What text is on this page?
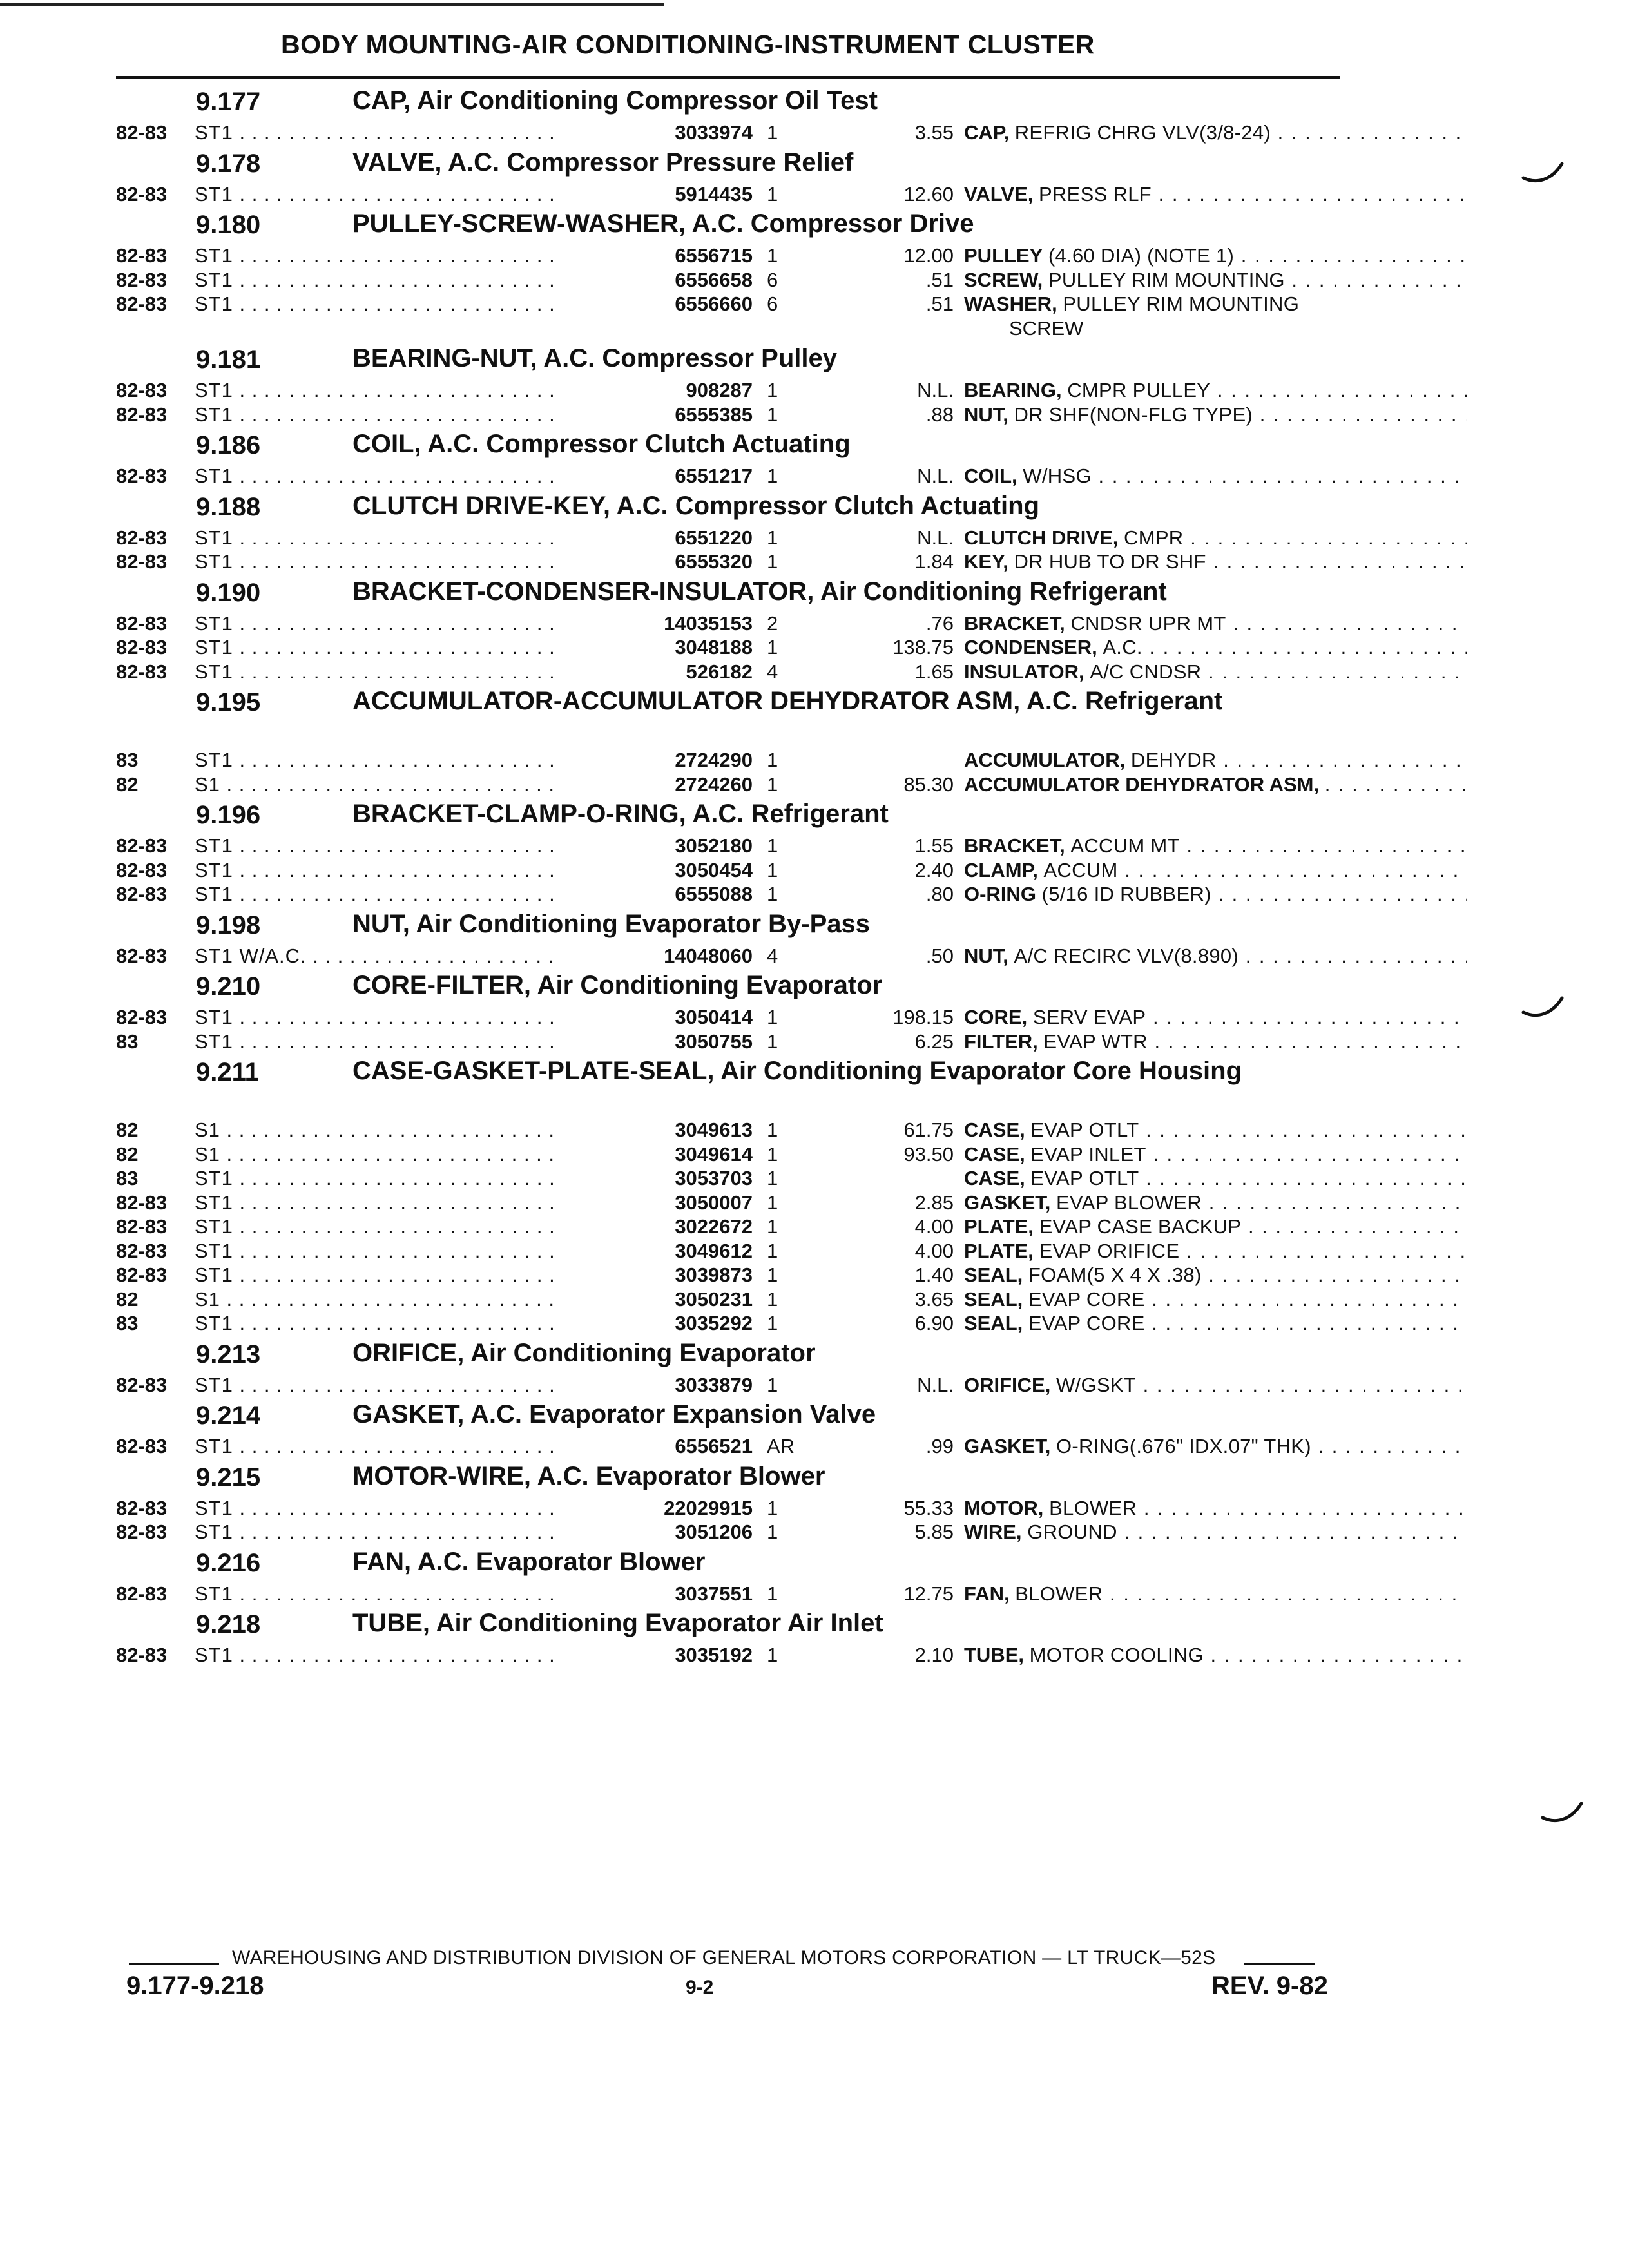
BODY MOUNTING-AIR CONDITIONING-INSTRUMENT CLUSTER
9.177	CAP, Air Conditioning Compressor Oil Test
82-83 ST1 . . .	3033974 1	3.55 CAP, REFRIG CHRG VLV(3/8-24) . . .
9.178	VALVE, A.C. Compressor Pressure Relief
82-83 ST1 . . .	5914435 1	12.60 VALVE, PRESS RLF . . .
9.180	PULLEY-SCREW-WASHER, A.C. Compressor Drive
82-83 ST1 . . .	6556715 1	12.00 PULLEY (4.60 DIA) (NOTE 1) . . .
82-83 ST1 . . .	6556658 6	.51 SCREW, PULLEY RIM MOUNTING . . .
82-83 ST1 . . .	6556660 6	.51 WASHER, PULLEY RIM MOUNTING
SCREW
9.181	BEARING-NUT, A.C. Compressor Pulley
82-83 ST1 . . .	908287 1	N.L. BEARING, CMPR PULLEY . . .
82-83 ST1 . . .	6555385 1	.88 NUT, DR SHF(NON-FLG TYPE) . . .
9.186	COIL, A.C. Compressor Clutch Actuating
82-83 ST1 . . .	6551217 1	N.L. COIL, W/HSG . . .
9.188	CLUTCH DRIVE-KEY, A.C. Compressor Clutch Actuating
82-83 ST1 . . .	6551220 1	N.L. CLUTCH DRIVE, CMPR . . .
82-83 ST1 . . .	6555320 1	1.84 KEY, DR HUB TO DR SHF . . .
9.190	BRACKET-CONDENSER-INSULATOR, Air Conditioning Refrigerant
82-83 ST1 . . .	14035153 2	.76 BRACKET, CNDSR UPR MT . . .
82-83 ST1 . . .	3048188 1	138.75 CONDENSER, A.C. . . .
82-83 ST1 . . .	526182 4	1.65 INSULATOR, A/C CNDSR . . .
9.195	ACCUMULATOR-ACCUMULATOR DEHYDRATOR ASM, A.C. Refrigerant
83	ST1 . . .	2724290 1	ACCUMULATOR, DEHYDR . . .
82	S1 . . .	2724260 1	85.30 ACCUMULATOR DEHYDRATOR ASM, . . .
9.196	BRACKET-CLAMP-O-RING, A.C. Refrigerant
82-83 ST1 . . .	3052180 1	1.55 BRACKET, ACCUM MT . . .
82-83 ST1 . . .	3050454 1	2.40 CLAMP, ACCUM . . .
82-83 ST1 . . .	6555088 1	.80 O-RING (5/16 ID RUBBER) . . .
9.198	NUT, Air Conditioning Evaporator By-Pass
82-83 ST1 W/A.C. . . .	14048060 4	.50 NUT, A/C RECIRC VLV(8.890) . . .
9.210	CORE-FILTER, Air Conditioning Evaporator
82-83 ST1 . . .	3050414 1	198.15 CORE, SERV EVAP . . .
83	ST1 . . .	3050755 1	6.25 FILTER, EVAP WTR . . .
9.211	CASE-GASKET-PLATE-SEAL, Air Conditioning Evaporator Core Housing
82	S1 . . .	3049613 1	61.75 CASE, EVAP OTLT . . .
82	S1 . . .	3049614 1	93.50 CASE, EVAP INLET . . .
83	ST1 . . .	3053703 1	CASE, EVAP OTLT . . .
82-83 ST1 . . .	3050007 1	2.85 GASKET, EVAP BLOWER . . .
82-83 ST1 . . .	3022672 1	4.00 PLATE, EVAP CASE BACKUP . . .
82-83 ST1 . . .	3049612 1	4.00 PLATE, EVAP ORIFICE . . .
82-83 ST1 . . .	3039873 1	1.40 SEAL, FOAM(5 X 4 X .38) . . .
82	S1 . . .	3050231 1	3.65 SEAL, EVAP CORE . . .
83	ST1 . . .	3035292 1	6.90 SEAL, EVAP CORE . . .
9.213	ORIFICE, Air Conditioning Evaporator
82-83 ST1 . . .	3033879 1	N.L. ORIFICE, W/GSKT . . .
9.214	GASKET, A.C. Evaporator Expansion Valve
82-83 ST1 . . .	6556521 AR	.99 GASKET, O-RING(.676" IDX.07" THK) . . .
9.215	MOTOR-WIRE, A.C. Evaporator Blower
82-83 ST1 . . .	22029915 1	55.33 MOTOR, BLOWER . . .
82-83 ST1 . . .	3051206 1	5.85 WIRE, GROUND . . .
9.216	FAN, A.C. Evaporator Blower
82-83 ST1 . . .	3037551 1	12.75 FAN, BLOWER . . .
9.218	TUBE, Air Conditioning Evaporator Air Inlet
82-83 ST1 . . .	3035192 1	2.10 TUBE, MOTOR COOLING . . .
WAREHOUSING AND DISTRIBUTION DIVISION OF GENERAL MOTORS CORPORATION — LT TRUCK—52S
9.177-9.218	9-2	REV. 9-82
